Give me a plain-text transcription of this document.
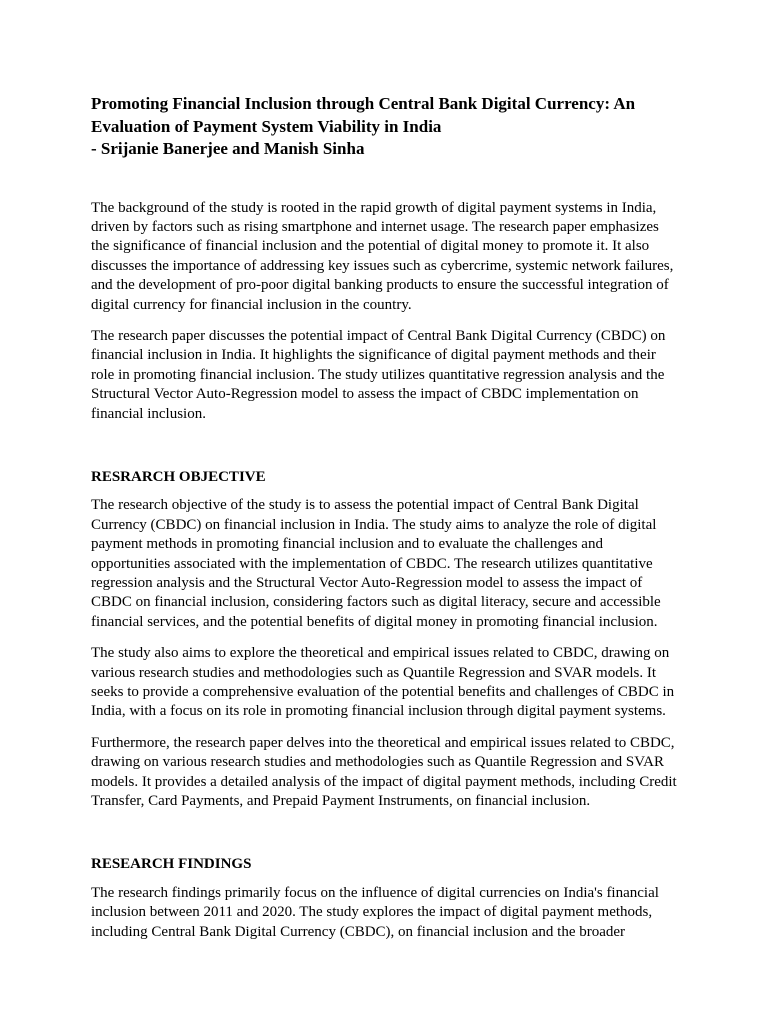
Promoting Financial Inclusion through Central Bank Digital Currency: An
Evaluation of Payment System Viability in India
- Srijanie Banerjee and Manish Sinha

The background of the study is rooted in the rapid growth of digital payment systems in India, driven by factors such as rising smartphone and internet usage. The research paper emphasizes the significance of financial inclusion and the potential of digital money to promote it. It also discusses the importance of addressing key issues such as cybercrime, systemic network failures, and the development of pro-poor digital banking products to ensure the successful integration of digital currency for financial inclusion in the country.

The research paper discusses the potential impact of Central Bank Digital Currency (CBDC) on financial inclusion in India. It highlights the significance of digital payment methods and their role in promoting financial inclusion. The study utilizes quantitative regression analysis and the Structural Vector Auto-Regression model to assess the impact of CBDC implementation on financial inclusion.

RESRARCH OBJECTIVE

The research objective of the study is to assess the potential impact of Central Bank Digital Currency (CBDC) on financial inclusion in India. The study aims to analyze the role of digital payment methods in promoting financial inclusion and to evaluate the challenges and opportunities associated with the implementation of CBDC. The research utilizes quantitative regression analysis and the Structural Vector Auto-Regression model to assess the impact of CBDC on financial inclusion, considering factors such as digital literacy, secure and accessible financial services, and the potential benefits of digital money in promoting financial inclusion.

The study also aims to explore the theoretical and empirical issues related to CBDC, drawing on various research studies and methodologies such as Quantile Regression and SVAR models. It seeks to provide a comprehensive evaluation of the potential benefits and challenges of CBDC in India, with a focus on its role in promoting financial inclusion through digital payment systems.

Furthermore, the research paper delves into the theoretical and empirical issues related to CBDC, drawing on various research studies and methodologies such as Quantile Regression and SVAR models. It provides a detailed analysis of the impact of digital payment methods, including Credit Transfer, Card Payments, and Prepaid Payment Instruments, on financial inclusion.

RESEARCH FINDINGS

The research findings primarily focus on the influence of digital currencies on India's financial inclusion between 2011 and 2020. The study explores the impact of digital payment methods, including Central Bank Digital Currency (CBDC), on financial inclusion and the broader
